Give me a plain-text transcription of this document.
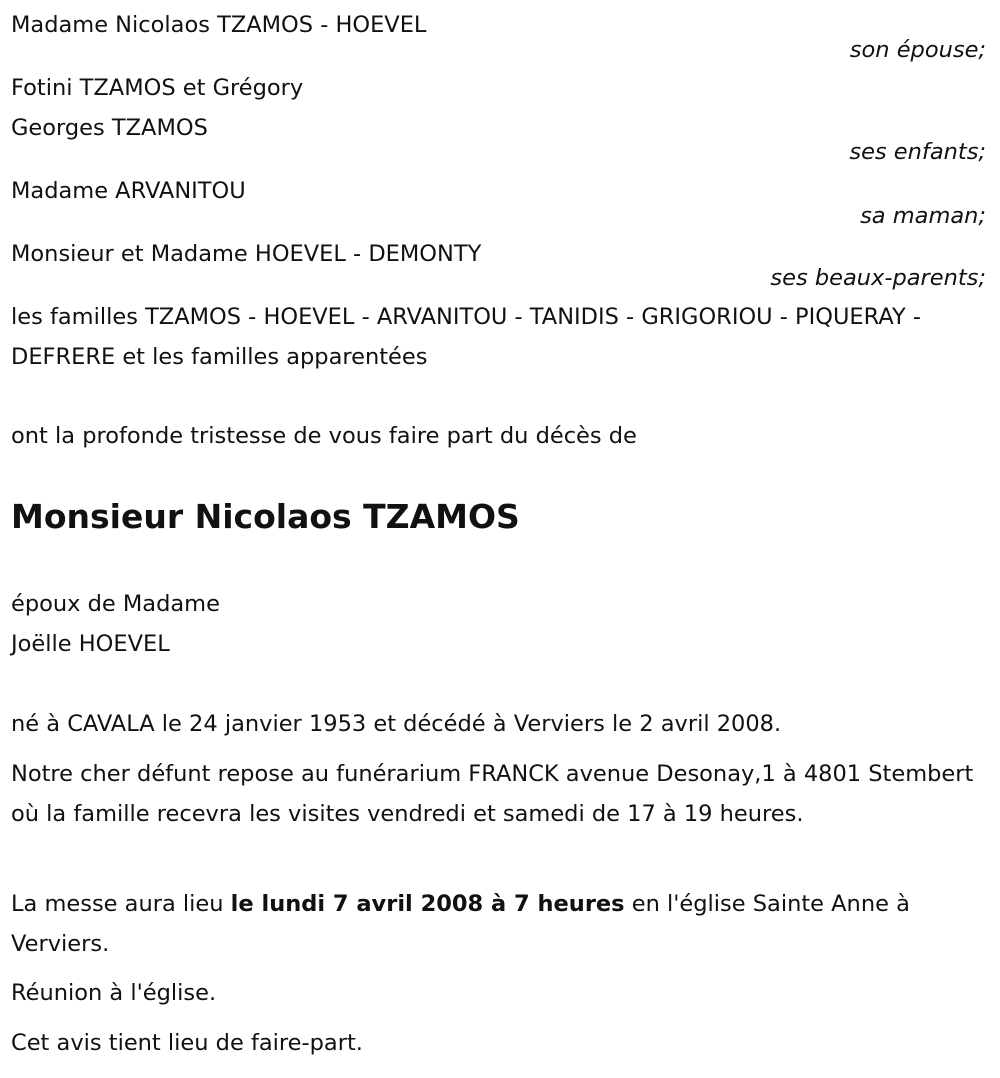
Madame Nicolaos TZAMOS - HOEVEL
son épouse;
Fotini TZAMOS et Grégory
Georges TZAMOS
ses enfants;
Madame ARVANITOU
sa maman;
Monsieur et Madame HOEVEL - DEMONTY
ses beaux-parents;
les familles TZAMOS - HOEVEL - ARVANITOU - TANIDIS - GRIGORIOU - PIQUERAY - DEFRERE et les familles apparentées
ont la profonde tristesse de vous faire part du décès de
Monsieur Nicolaos TZAMOS
époux de Madame
Joëlle HOEVEL
né à CAVALA le 24 janvier 1953 et décédé à Verviers le 2 avril 2008.
Notre cher défunt repose au funérarium FRANCK avenue Desonay,1 à 4801 Stembert où la famille recevra les visites vendredi et samedi de 17 à 19 heures.
La messe aura lieu le lundi 7 avril 2008 à 7 heures en l'église Sainte Anne à Verviers.
Réunion à l'église.
Cet avis tient lieu de faire-part.
